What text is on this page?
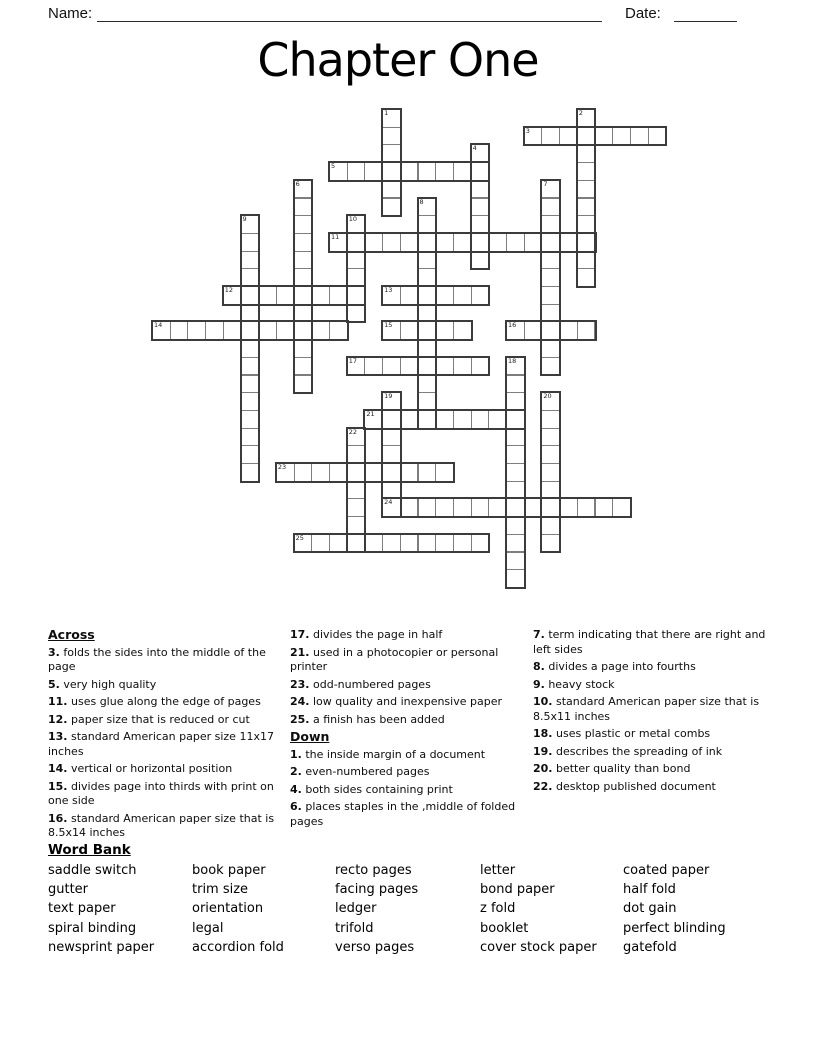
Name:	Date:
Chapter One
1	2
3
4
5
6	7
8
9	10
11
12	13
14	15	16
17	18
19
24
20
21
22
23
25
Across
3. folds the sides into the middle of the page
5. very high quality
11. uses glue along the edge of pages
12. paper size that is reduced or cut
13. standard American paper size 11x17 inches
14. vertical or horizontal position
15. divides page into thirds with print on one side
16. standard American paper size that is 8.5x14 inches
17. divides the page in half
21. used in a photocopier or personal printer
23. odd-numbered pages
24. low quality and inexpensive paper
25. a finish has been added
Down
1. the inside margin of a document
2. even-numbered pages
4. both sides containing print
6. places staples in the ,middle of folded pages
7. term indicating that there are right and left sides
8. divides a page into fourths
9. heavy stock
10. standard American paper size that is 8.5x11 inches
18. uses plastic or metal combs
19. describes the spreading of ink
20. better quality than bond
22. desktop published document
Word Bank
saddle switch
gutter
text paper
spiral binding
newsprint paper
book paper
trim size
orientation
legal
accordion fold
recto pages
facing pages
ledger
trifold
verso pages
letter
bond paper
z fold
booklet
cover stock paper
coated paper
half fold
dot gain
perfect blinding
gatefold
